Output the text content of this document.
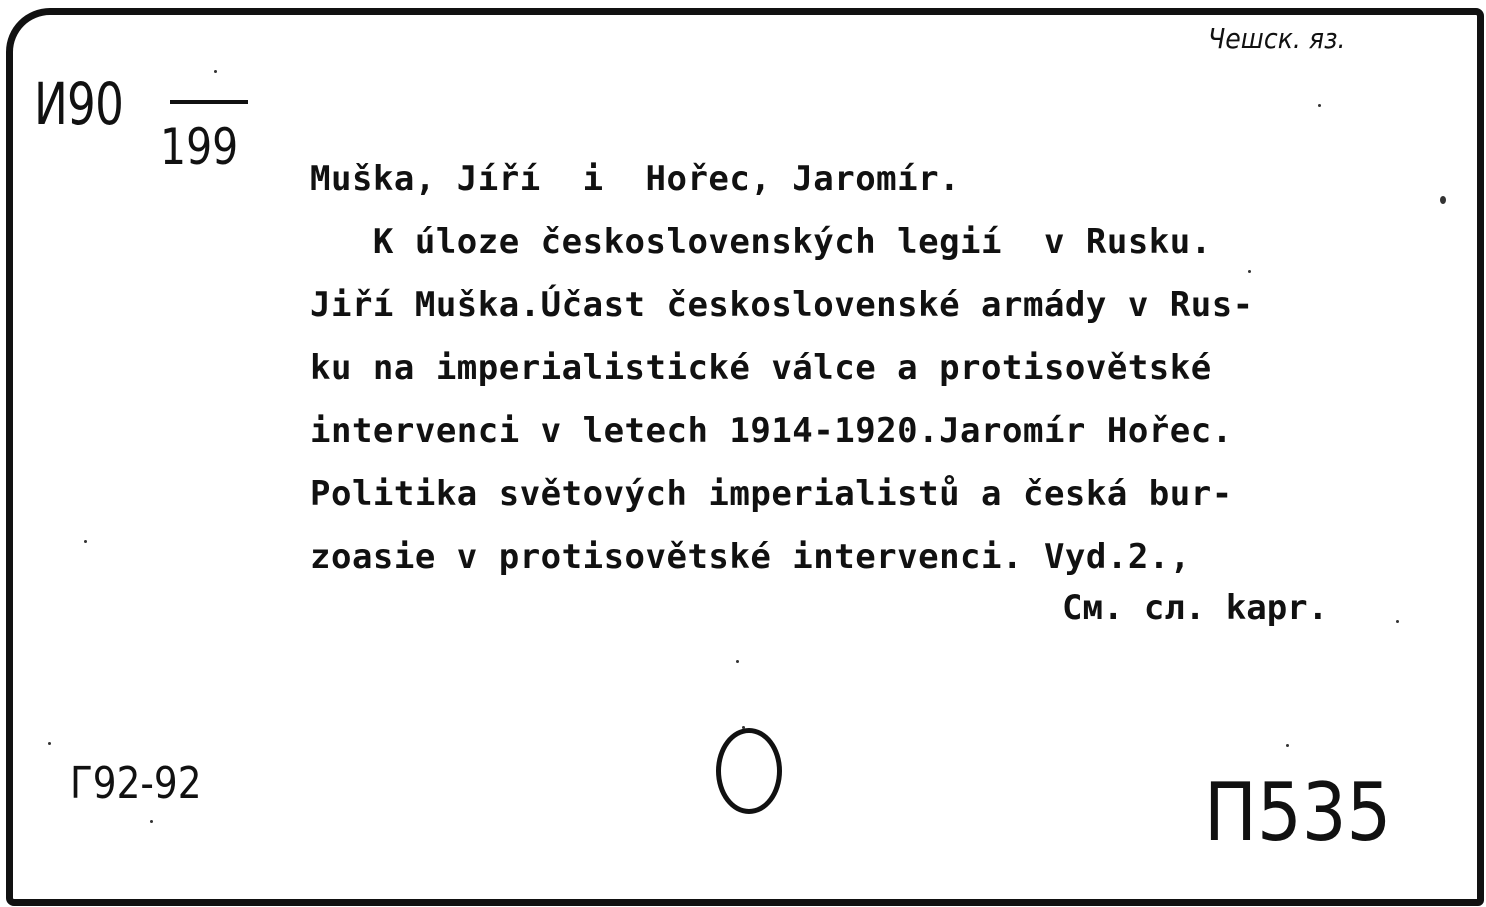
И90
199
Чешск. яз.
Muška, Jíří  i  Hořec, Jaromír.
K úloze československých legií  v Rusku.
Jiří Muška.Účast československé armády v Rus-
ku na imperialistické válce a protisovětské
intervenci v letech 1914-1920.Jaromír Hořec.
Politika světových imperialistů a česká bur-
zoasie v protisovětské intervenci. Vyd.2.,
См. сл. kapr.
Г92-92	П535
